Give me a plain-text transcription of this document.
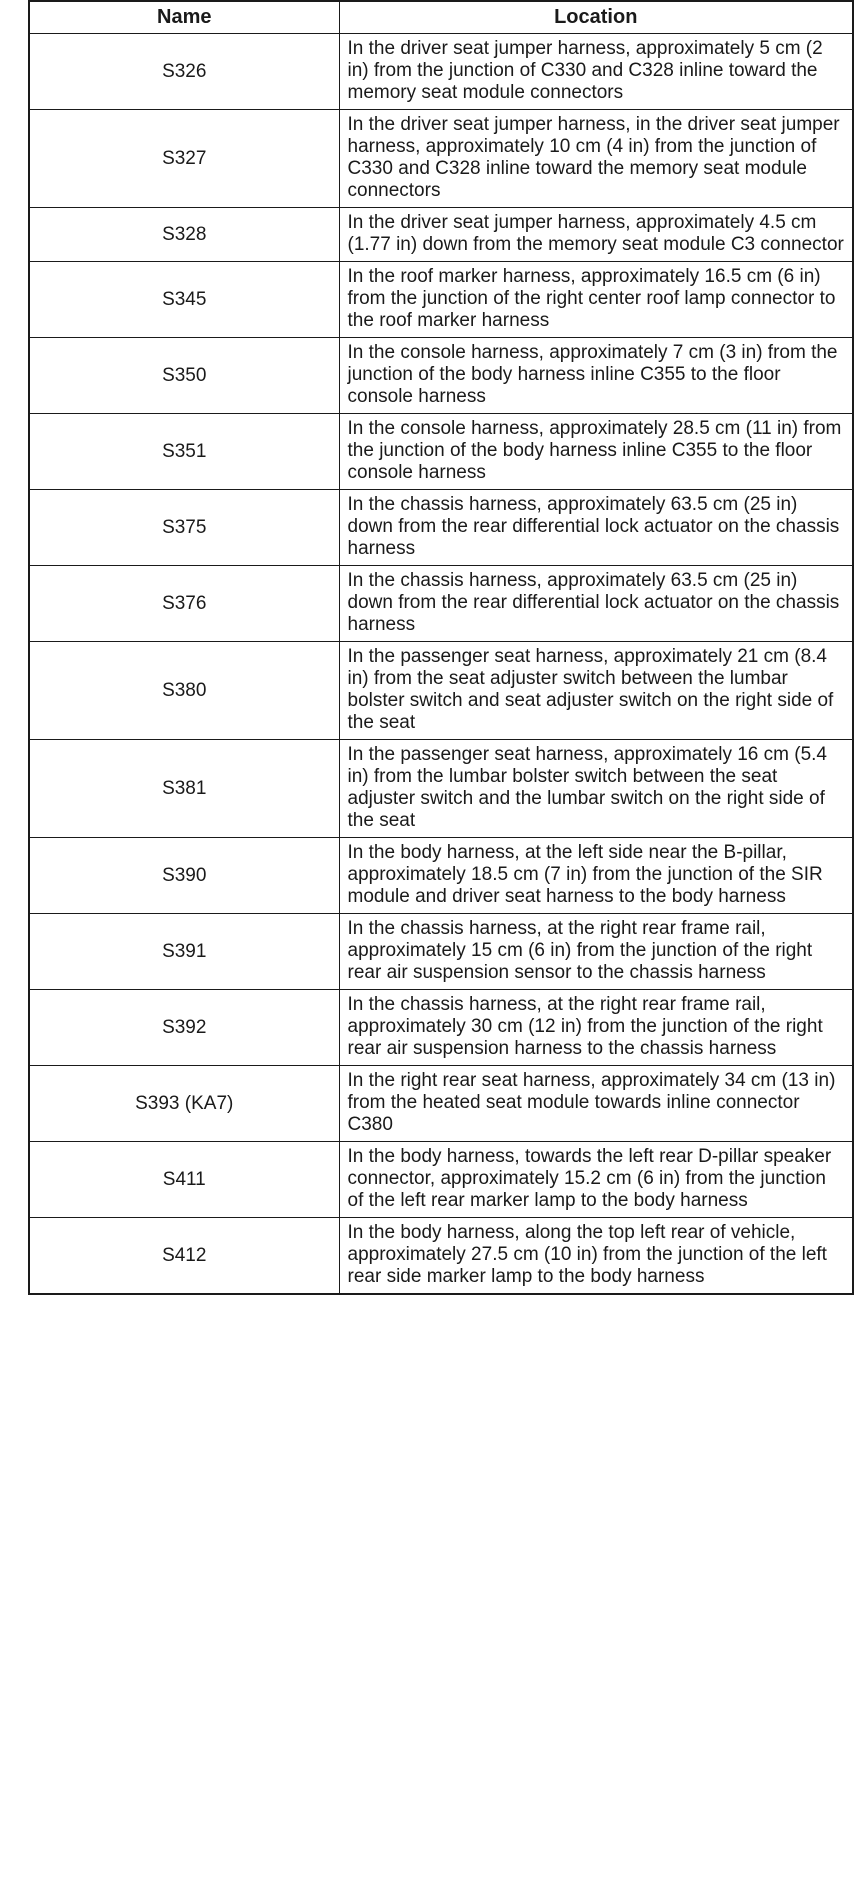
Name	Location
S326	In the driver seat jumper harness, approximately 5 cm (2 in) from the junction of C330 and C328 inline toward the memory seat module connectors
S327	In the driver seat jumper harness, in the driver seat jumper harness, approximately 10 cm (4 in) from the junction of C330 and C328 inline toward the memory seat module connectors
S328	In the driver seat jumper harness, approximately 4.5 cm (1.77 in) down from the memory seat module C3 connector
S345	In the roof marker harness, approximately 16.5 cm (6 in) from the junction of the right center roof lamp connector to the roof marker harness
S350	In the console harness, approximately 7 cm (3 in) from the junction of the body harness inline C355 to the floor console harness
S351	In the console harness, approximately 28.5 cm (11 in) from the junction of the body harness inline C355 to the floor console harness
S375	In the chassis harness, approximately 63.5 cm (25 in) down from the rear differential lock actuator on the chassis harness
S376	In the chassis harness, approximately 63.5 cm (25 in) down from the rear differential lock actuator on the chassis harness
S380	In the passenger seat harness, approximately 21 cm (8.4 in) from the seat adjuster switch between the lumbar bolster switch and seat adjuster switch on the right side of the seat
S381	In the passenger seat harness, approximately 16 cm (5.4 in) from the lumbar bolster switch between the seat adjuster switch and the lumbar switch on the right side of the seat
S390	In the body harness, at the left side near the B-pillar, approximately 18.5 cm (7 in) from the junction of the SIR module and driver seat harness to the body harness
S391	In the chassis harness, at the right rear frame rail, approximately 15 cm (6 in) from the junction of the right rear air suspension sensor to the chassis harness
S392	In the chassis harness, at the right rear frame rail, approximately 30 cm (12 in) from the junction of the right rear air suspension harness to the chassis harness
S393 (KA7)	In the right rear seat harness, approximately 34 cm (13 in) from the heated seat module towards inline connector C380
S411	In the body harness, towards the left rear D-pillar speaker connector, approximately 15.2 cm (6 in) from the junction of the left rear marker lamp to the body harness
S412	In the body harness, along the top left rear of vehicle, approximately 27.5 cm (10 in) from the junction of the left rear side marker lamp to the body harness
